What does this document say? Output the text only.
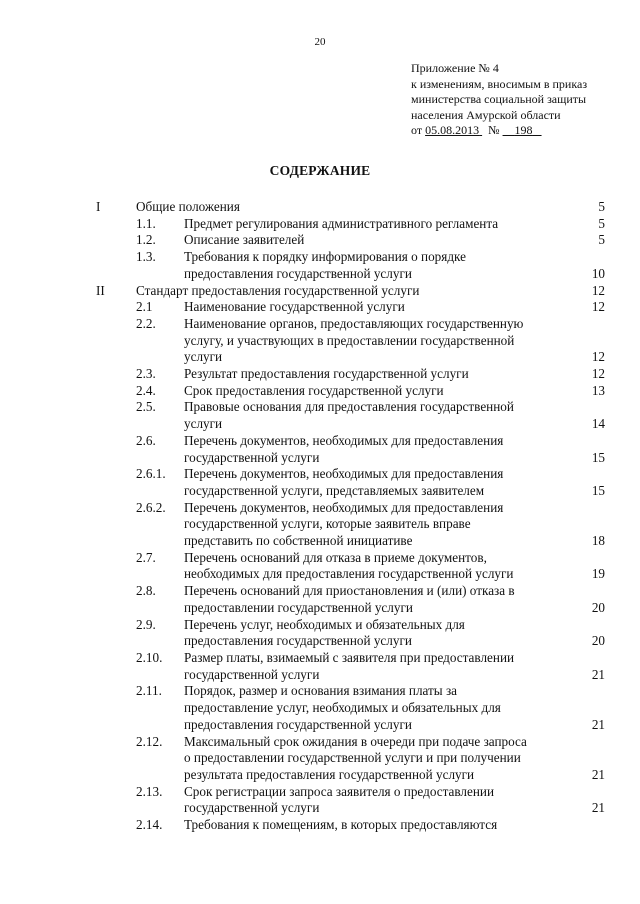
20
Приложение № 4
к изменениям, вносимым в приказ
министерства социальной защиты
населения Амурской области
от 05.08.2013 № 198
СОДЕРЖАНИЕ
I	Общие положения	5
1.1. Предмет регулирования административного регламента	5
1.2. Описание заявителей	5
1.3. Требования к порядку информирования о порядке
предоставления государственной услуги	10
II Стандарт предоставления государственной услуги	12
2.1 Наименование государственной услуги	12
2.2. Наименование органов, предоставляющих государственную
услугу, и участвующих в предоставлении государственной
услуги	12
2.3. Результат предоставления государственной услуги	12
2.4. Срок предоставления государственной услуги	13
2.5. Правовые основания для предоставления государственной
услуги	14
2.6. Перечень документов, необходимых для предоставления
государственной услуги	15
2.6.1. Перечень документов, необходимых для предоставления
государственной услуги, представляемых заявителем	15
2.6.2. Перечень документов, необходимых для предоставления
государственной услуги, которые заявитель вправе
представить по собственной инициативе	18
2.7. Перечень оснований для отказа в приеме документов,
необходимых для предоставления государственной услуги	19
2.8. Перечень оснований для приостановления и (или) отказа в
предоставлении государственной услуги	20
2.9. Перечень услуг, необходимых и обязательных для
предоставления государственной услуги	20
2.10. Размер платы, взимаемый с заявителя при предоставлении
государственной услуги	21
2.11. Порядок, размер и основания взимания платы за
предоставление услуг, необходимых и обязательных для
предоставления государственной услуги	21
2.12. Максимальный срок ожидания в очереди при подаче запроса
о предоставлении государственной услуги и при получении
результата предоставления государственной услуги	21
2.13. Срок регистрации запроса заявителя о предоставлении
государственной услуги	21
2.14. Требования к помещениям, в которых предоставляются
